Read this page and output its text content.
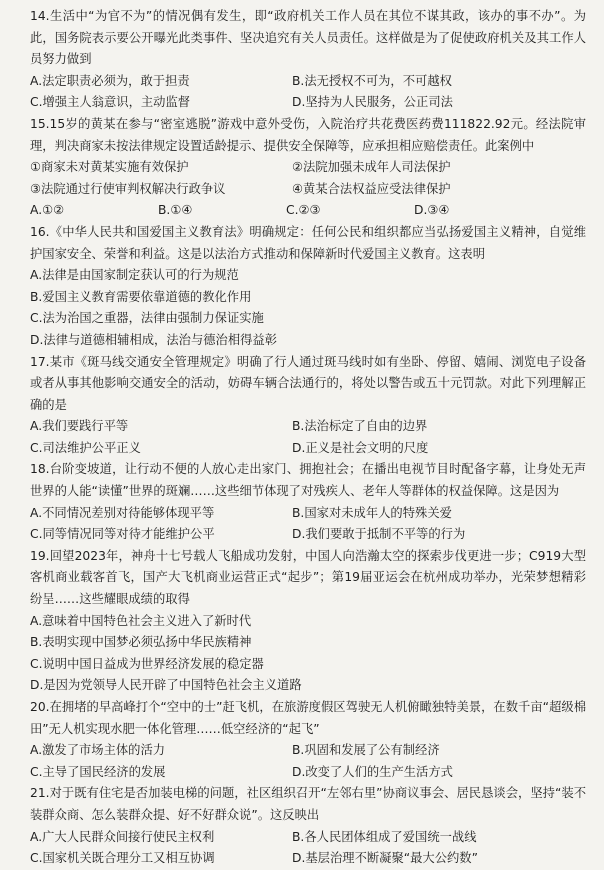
14.生活中“为官不为”的情况偶有发生，即“政府机关工作人员在其位不谋其政，该办的事不办”。为此，国务院表示要公开曝光此类事件、坚决追究有关人员责任。这样做是为了促使政府机关及其工作人员努力做到

A.法定职责必须为，敢于担责	B.法无授权不可为，不可越权
C.增强主人翁意识，主动监督	D.坚持为人民服务，公正司法

15.15岁的黄某在参与“密室逃脱”游戏中意外受伤，入院治疗共花费医药费111822.92元。经法院审理，判决商家未按法律规定设置适龄提示、提供安全保障等，应承担相应赔偿责任。此案例中

①商家未对黄某实施有效保护	②法院加强未成年人司法保护
③法院通过行使审判权解决行政争议	④黄某合法权益应受法律保护
A.①②	B.①④	C.②③	D.③④

16.《中华人民共和国爱国主义教育法》明确规定：任何公民和组织都应当弘扬爱国主义精神，自觉维护国家安全、荣誉和利益。这是以法治方式推动和保障新时代爱国主义教育。这表明

A.法律是由国家制定获认可的行为规范
B.爱国主义教育需要依靠道德的教化作用
C.法为治国之重器，法律由强制力保证实施
D.法律与道德相辅相成，法治与德治相得益彰

17.某市《斑马线交通安全管理规定》明确了行人通过斑马线时如有坐卧、停留、嬉闹、浏览电子设备或者从事其他影响交通安全的活动，妨碍车辆合法通行的，将处以警告或五十元罚款。对此下列理解正确的是

A.我们要践行平等	B.法治标定了自由的边界
C.司法维护公平正义	D.正义是社会文明的尺度

18.台阶变坡道，让行动不便的人放心走出家门、拥抱社会；在播出电视节目时配备字幕，让身处无声世界的人能“读懂”世界的斑斓……这些细节体现了对残疾人、老年人等群体的权益保障。这是因为

A.不同情况差别对待能够体现平等	B.国家对未成年人的特殊关爱
C.同等情况同等对待才能维护公平	D.我们要敢于抵制不平等的行为

19.回望2023年，神舟十七号载人飞船成功发射，中国人向浩瀚太空的探索步伐更进一步；C919大型客机商业载客首飞，国产大飞机商业运营正式“起步”；第19届亚运会在杭州成功举办，光荣梦想精彩纷呈……这些耀眼成绩的取得

A.意味着中国特色社会主义进入了新时代
B.表明实现中国梦必须弘扬中华民族精神
C.说明中国日益成为世界经济发展的稳定器
D.是因为党领导人民开辟了中国特色社会主义道路

20.在拥堵的早高峰打个“空中的士”赶飞机，在旅游度假区驾驶无人机俯瞰独特美景，在数千亩“超级棉田”无人机实现水肥一体化管理……低空经济的“起飞”

A.激发了市场主体的活力	B.巩固和发展了公有制经济
C.主导了国民经济的发展	D.改变了人们的生产生活方式

21.对于既有住宅是否加装电梯的问题，社区组织召开“左邻右里”协商议事会、居民恳谈会，坚持“装不装群众商、怎么装群众提、好不好群众说”。这反映出

A.广大人民群众间接行使民主权利	B.各人民团体组成了爱国统一战线
C.国家机关既合理分工又相互协调	D.基层治理不断凝聚“最大公约数”
